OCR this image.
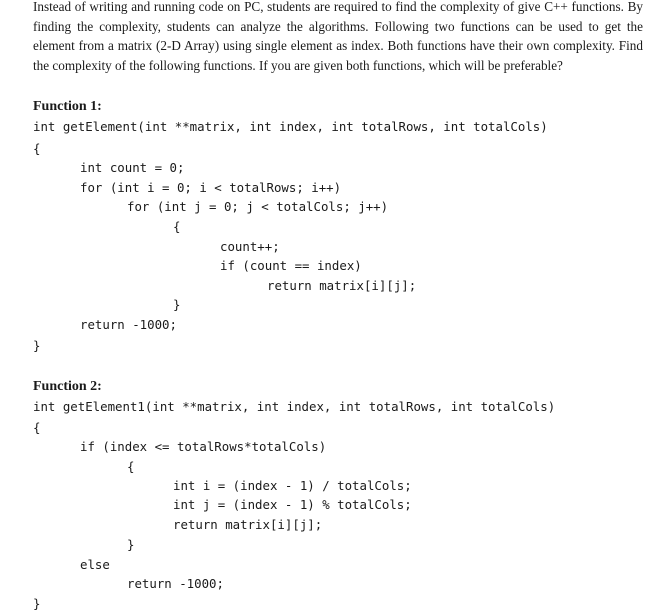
Instead of writing and running code on PC, students are required to find the complexity of give C++ functions. By finding the complexity, students can analyze the algorithms. Following two functions can be used to get the element from a matrix (2-D Array) using single element as index. Both functions have their own complexity. Find the complexity of the following functions. If you are given both functions, which will be preferable?

Function 1:
int getElement(int **matrix, int index, int totalRows, int totalCols)
{
int count = 0;
for (int i = 0; i < totalRows; i++)
for (int j = 0; j < totalCols; j++)
{
count++;
if (count == index)
return matrix[i][j];
}
return -1000;
}
Function 2:
int getElement1(int **matrix, int index, int totalRows, int totalCols)
{
if (index <= totalRows*totalCols)
{
int i = (index - 1) / totalCols;
int j = (index - 1) % totalCols;
return matrix[i][j];
}
else
return -1000;
}
